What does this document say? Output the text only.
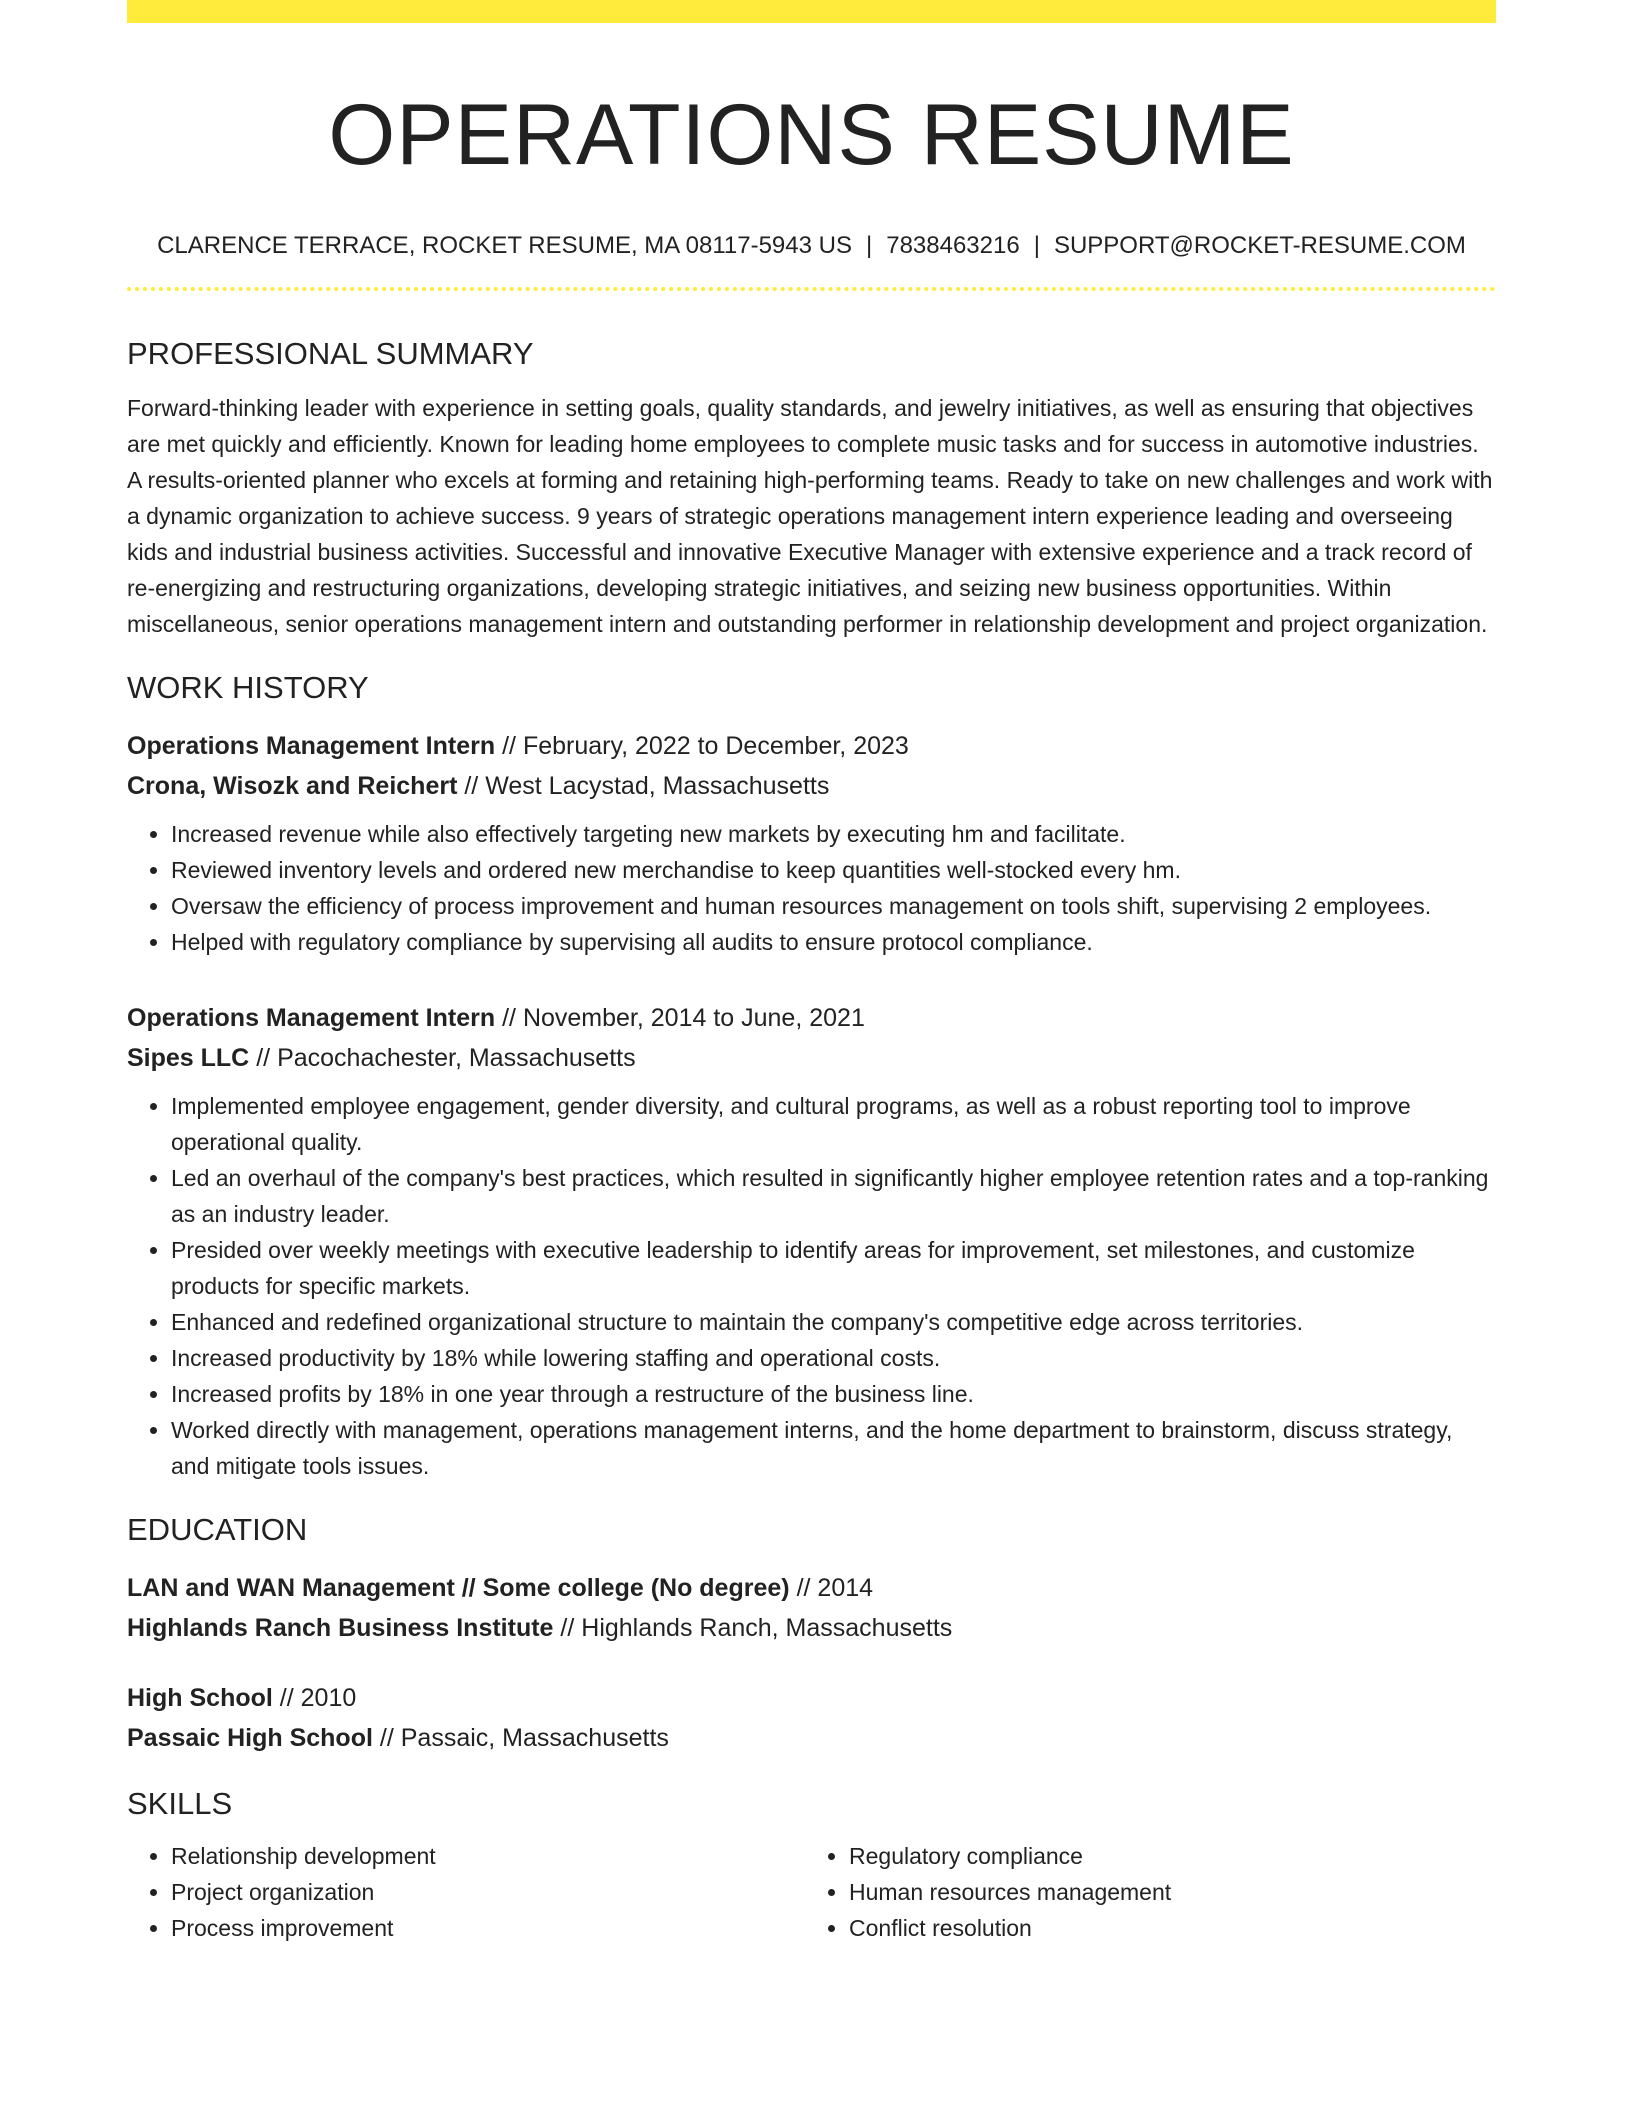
OPERATIONS RESUME
CLARENCE TERRACE, ROCKET RESUME, MA 08117-5943 US | 7838463216 | SUPPORT@ROCKET-RESUME.COM
PROFESSIONAL SUMMARY
Forward-thinking leader with experience in setting goals, quality standards, and jewelry initiatives, as well as ensuring that objectives are met quickly and efficiently. Known for leading home employees to complete music tasks and for success in automotive industries. A results-oriented planner who excels at forming and retaining high-performing teams. Ready to take on new challenges and work with a dynamic organization to achieve success. 9 years of strategic operations management intern experience leading and overseeing kids and industrial business activities. Successful and innovative Executive Manager with extensive experience and a track record of re-energizing and restructuring organizations, developing strategic initiatives, and seizing new business opportunities. Within miscellaneous, senior operations management intern and outstanding performer in relationship development and project organization.
WORK HISTORY
Operations Management Intern // February, 2022 to December, 2023
Crona, Wisozk and Reichert // West Lacystad, Massachusetts
• Increased revenue while also effectively targeting new markets by executing hm and facilitate.
• Reviewed inventory levels and ordered new merchandise to keep quantities well-stocked every hm.
• Oversaw the efficiency of process improvement and human resources management on tools shift, supervising 2 employees.
• Helped with regulatory compliance by supervising all audits to ensure protocol compliance.
Operations Management Intern // November, 2014 to June, 2021
Sipes LLC // Pacochachester, Massachusetts
• Implemented employee engagement, gender diversity, and cultural programs, as well as a robust reporting tool to improve operational quality.
• Led an overhaul of the company's best practices, which resulted in significantly higher employee retention rates and a top-ranking as an industry leader.
• Presided over weekly meetings with executive leadership to identify areas for improvement, set milestones, and customize products for specific markets.
• Enhanced and redefined organizational structure to maintain the company's competitive edge across territories.
• Increased productivity by 18% while lowering staffing and operational costs.
• Increased profits by 18% in one year through a restructure of the business line.
• Worked directly with management, operations management interns, and the home department to brainstorm, discuss strategy, and mitigate tools issues.
EDUCATION
LAN and WAN Management // Some college (No degree) // 2014
Highlands Ranch Business Institute // Highlands Ranch, Massachusetts
High School // 2010
Passaic High School // Passaic, Massachusetts
SKILLS
• Relationship development
• Project organization
• Process improvement
• Regulatory compliance
• Human resources management
• Conflict resolution
